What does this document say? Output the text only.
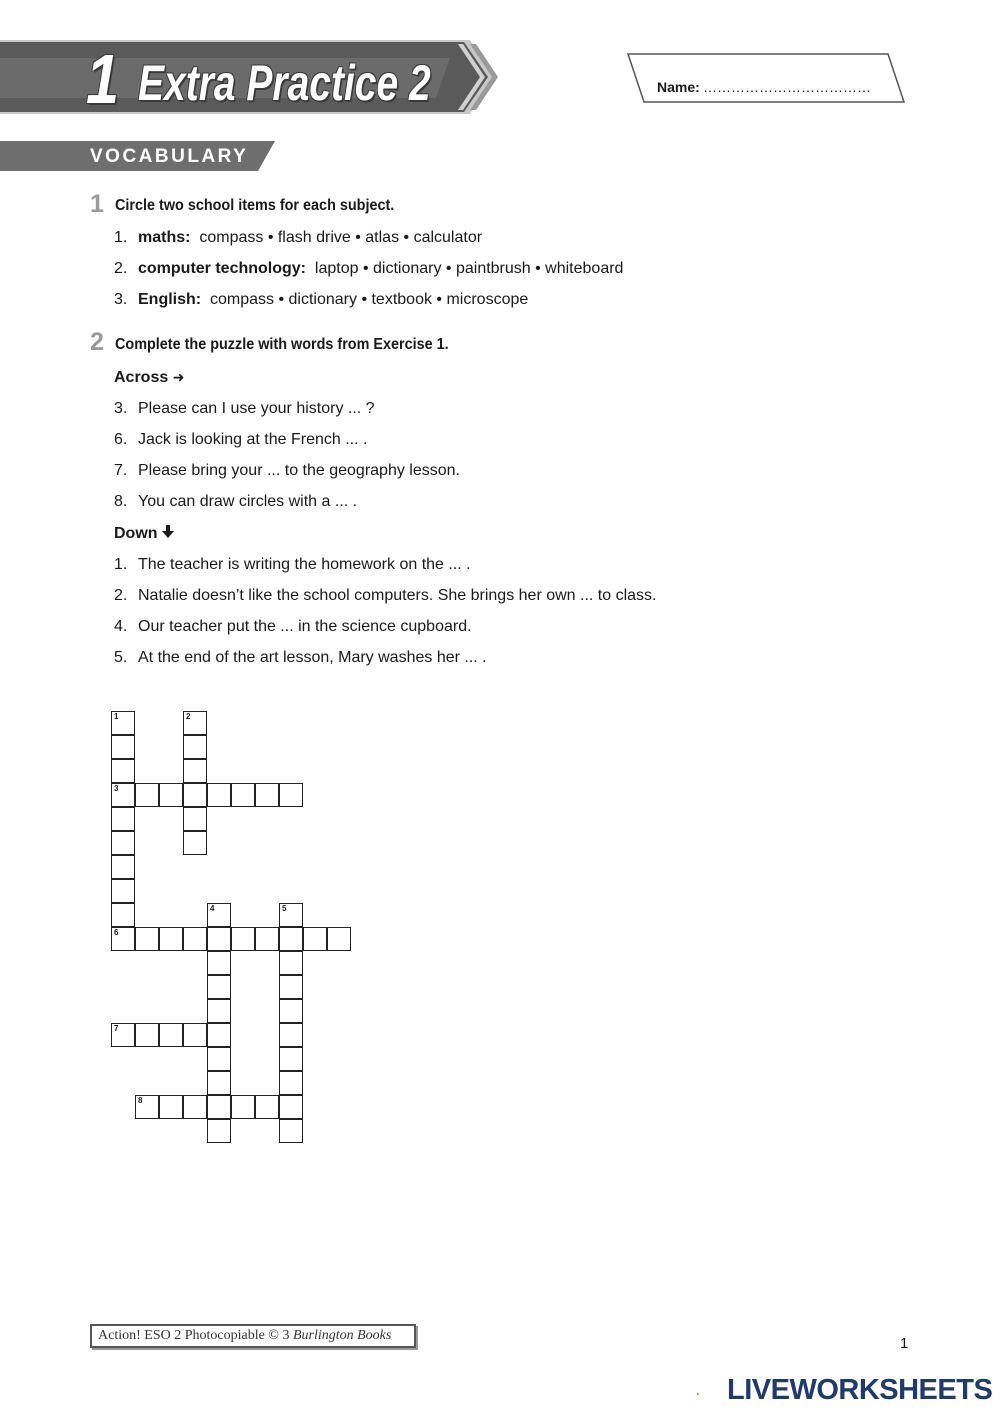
1 Extra Practice 2	Name: ………………………………
VOCABULARY
1 Circle two school items for each subject.
1. maths: compass • flash drive • atlas • calculator
2. computer technology: laptop • dictionary • paintbrush • whiteboard
3. English: compass • dictionary • textbook • microscope
2 Complete the puzzle with words from Exercise 1.
Across ➜
3. Please can I use your history ... ?
6. Jack is looking at the French ... .
7. Please bring your ... to the geography lesson.
8. You can draw circles with a ... .
Down
1. The teacher is writing the homework on the ... .
2. Natalie doesn’t like the school computers. She brings her own ... to class.
4. Our teacher put the ... in the science cupboard.
5. At the end of the art lesson, Mary washes her ... .
1
3
6
2
4	5
7
8
Action! ESO 2 Photocopiable © 3 Burlington Books	1
LIVEWORKSHEETS
